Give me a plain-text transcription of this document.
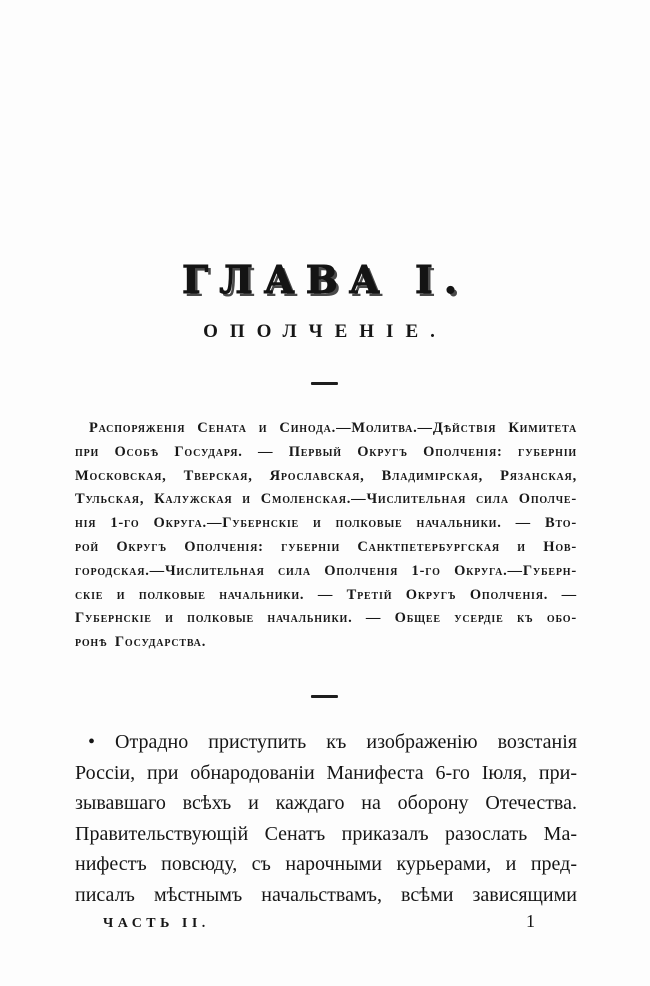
ГЛАВА I.
ОПОЛЧЕНІЕ.
Распоряженія Сената и Синода.—Молитва.—Дѣйствія Кимитета
при Особѣ Государя. — Первый Округъ Ополченія: губерніи
Московская, Тверская, Ярославская, Владимірская, Рязанская,
Тульская, Калужская и Смоленская.—Числительная сила Ополче-
нія 1-го Округа.—Губернскіе и полковые начальники. — Вто-
рой Округъ Ополченія: губерніи Санктпетербургская и Нов-
городская.—Числительная сила Ополченія 1-го Округа.—Губерн-
скіе и полковые начальники. — Третій Округъ Ополченія. —
Губернскіе и полковые начальники. — Общее усердіе къ обо-
ронѣ Государства.
• Отрадно приступить къ изображенію возстанія
Россіи, при обнародованіи Манифеста 6-го Іюля, при-
зывавшаго всѣхъ и каждаго на оборону Отечества.
Правительствующій Сенатъ приказалъ разослать Ма-
нифестъ повсюду, съ нарочными курьерами, и пред-
писалъ мѣстнымъ начальствамъ, всѣми зависящими
ЧАСТЬ II.	1
